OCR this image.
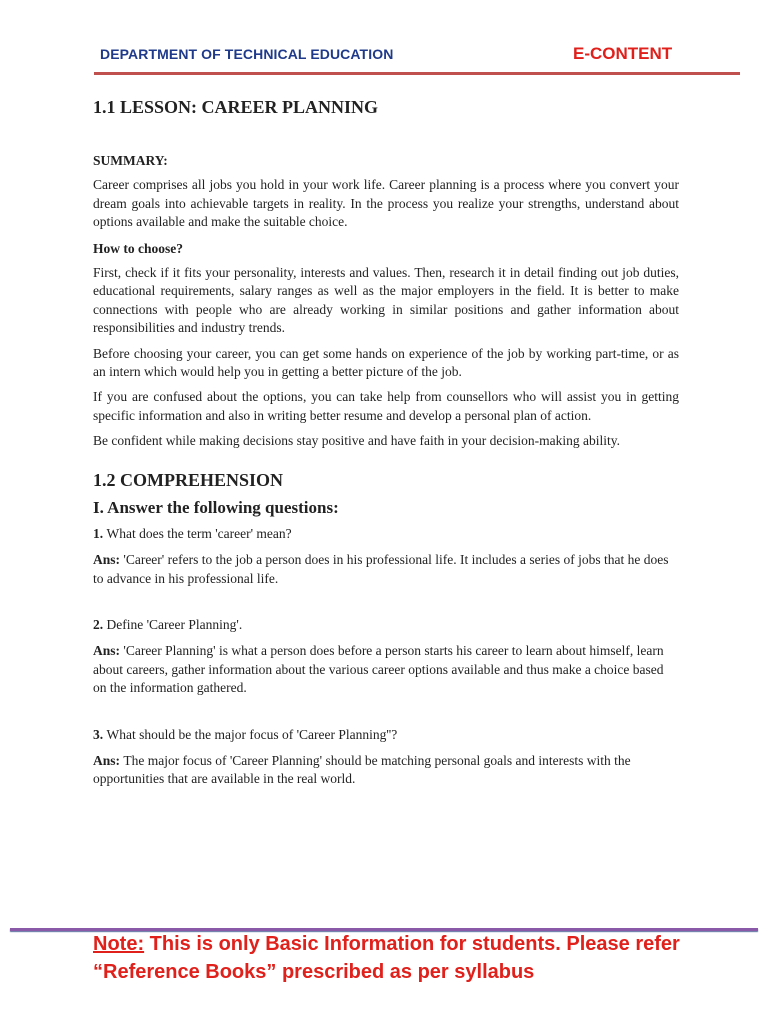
DEPARTMENT OF TECHNICAL EDUCATION	E-CONTENT
1.1 LESSON: CAREER PLANNING
SUMMARY:

Career comprises all jobs you hold in your work life. Career planning is a process where you convert your dream goals into achievable targets in reality. In the process you realize your strengths, understand about options available and make the suitable choice.

How to choose?

First, check if it fits your personality, interests and values. Then, research it in detail finding out job duties, educational requirements, salary ranges as well as the major employers in the field. It is better to make connections with people who are already working in similar positions and gather information about responsibilities and industry trends.

Before choosing your career, you can get some hands on experience of the job by working part-time, or as an intern which would help you in getting a better picture of the job.

If you are confused about the options, you can take help from counsellors who will assist you in getting specific information and also in writing better resume and develop a personal plan of action.

Be confident while making decisions stay positive and have faith in your decision-making ability.

1.2 COMPREHENSION
I. Answer the following questions:
1. What does the term 'career' mean?
Ans: 'Career' refers to the job a person does in his professional life. It includes a series of jobs that he does to advance in his professional life.
2. Define 'Career Planning'.
Ans: 'Career Planning' is what a person does before a person starts his career to learn about himself, learn about careers, gather information about the various career options available and thus make a choice based on the information gathered.
3. What should be the major focus of 'Career Planning''?
Ans: The major focus of 'Career Planning' should be matching personal goals and interests with the opportunities that are available in the real world.
Note: This is only Basic Information for students. Please refer “Reference Books” prescribed as per syllabus
